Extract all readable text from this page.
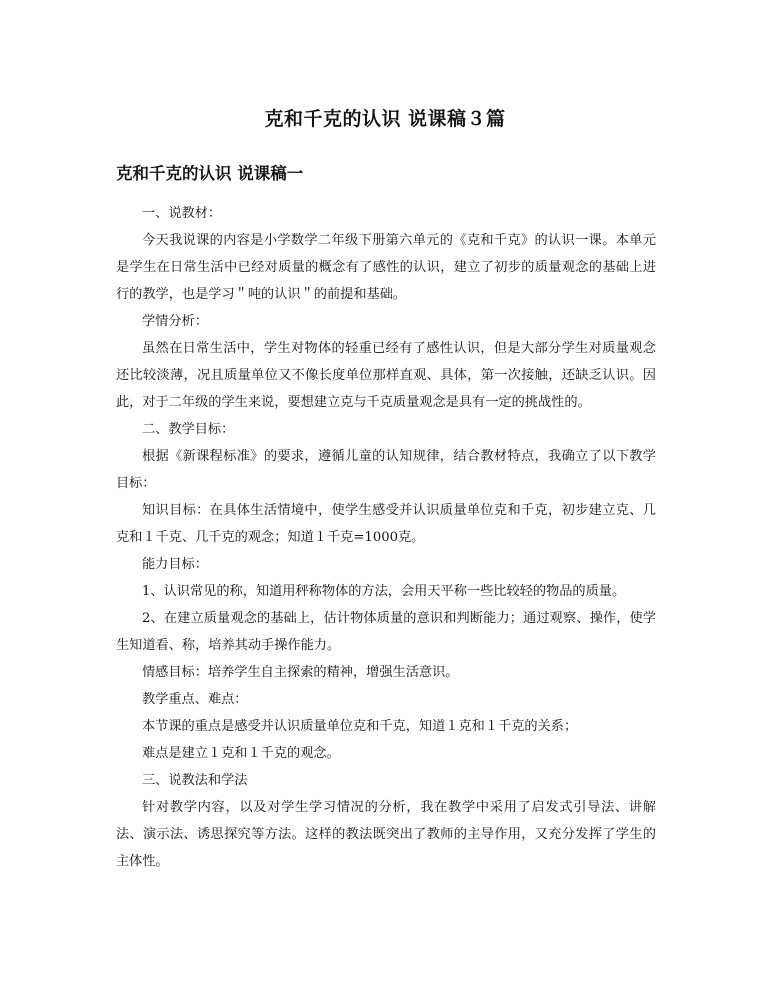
克和千克的认识 说课稿３篇
克和千克的认识 说课稿一

一、说教材：

今天我说课的内容是小学数学二年级下册第六单元的《克和千克》的认识一课。本单元是学生在日常生活中已经对质量的概念有了感性的认识，建立了初步的质量观念的基础上进行的教学，也是学习＂吨的认识＂的前提和基础。

学情分析：

虽然在日常生活中，学生对物体的轻重已经有了感性认识，但是大部分学生对质量观念还比较淡薄，况且质量单位又不像长度单位那样直观、具体，第一次接触，还缺乏认识。因此，对于二年级的学生来说，要想建立克与千克质量观念是具有一定的挑战性的。

二、教学目标：

根据《新课程标准》的要求，遵循儿童的认知规律，结合教材特点，我确立了以下教学目标：

知识目标：在具体生活情境中，使学生感受并认识质量单位克和千克，初步建立克、几克和１千克、几千克的观念；知道１千克=1000克。

能力目标：

1、认识常见的称，知道用秤称物体的方法，会用天平称一些比较轻的物品的质量。

2、在建立质量观念的基础上，估计物体质量的意识和判断能力；通过观察、操作，使学生知道看、称，培养其动手操作能力。

情感目标：培养学生自主探索的精神，增强生活意识。

教学重点、难点：

本节课的重点是感受并认识质量单位克和千克，知道１克和１千克的关系；

难点是建立１克和１千克的观念。

三、说教法和学法

针对教学内容，以及对学生学习情况的分析，我在教学中采用了启发式引导法、讲解法、演示法、诱思探究等方法。这样的教法既突出了教师的主导作用，又充分发挥了学生的主体性。
